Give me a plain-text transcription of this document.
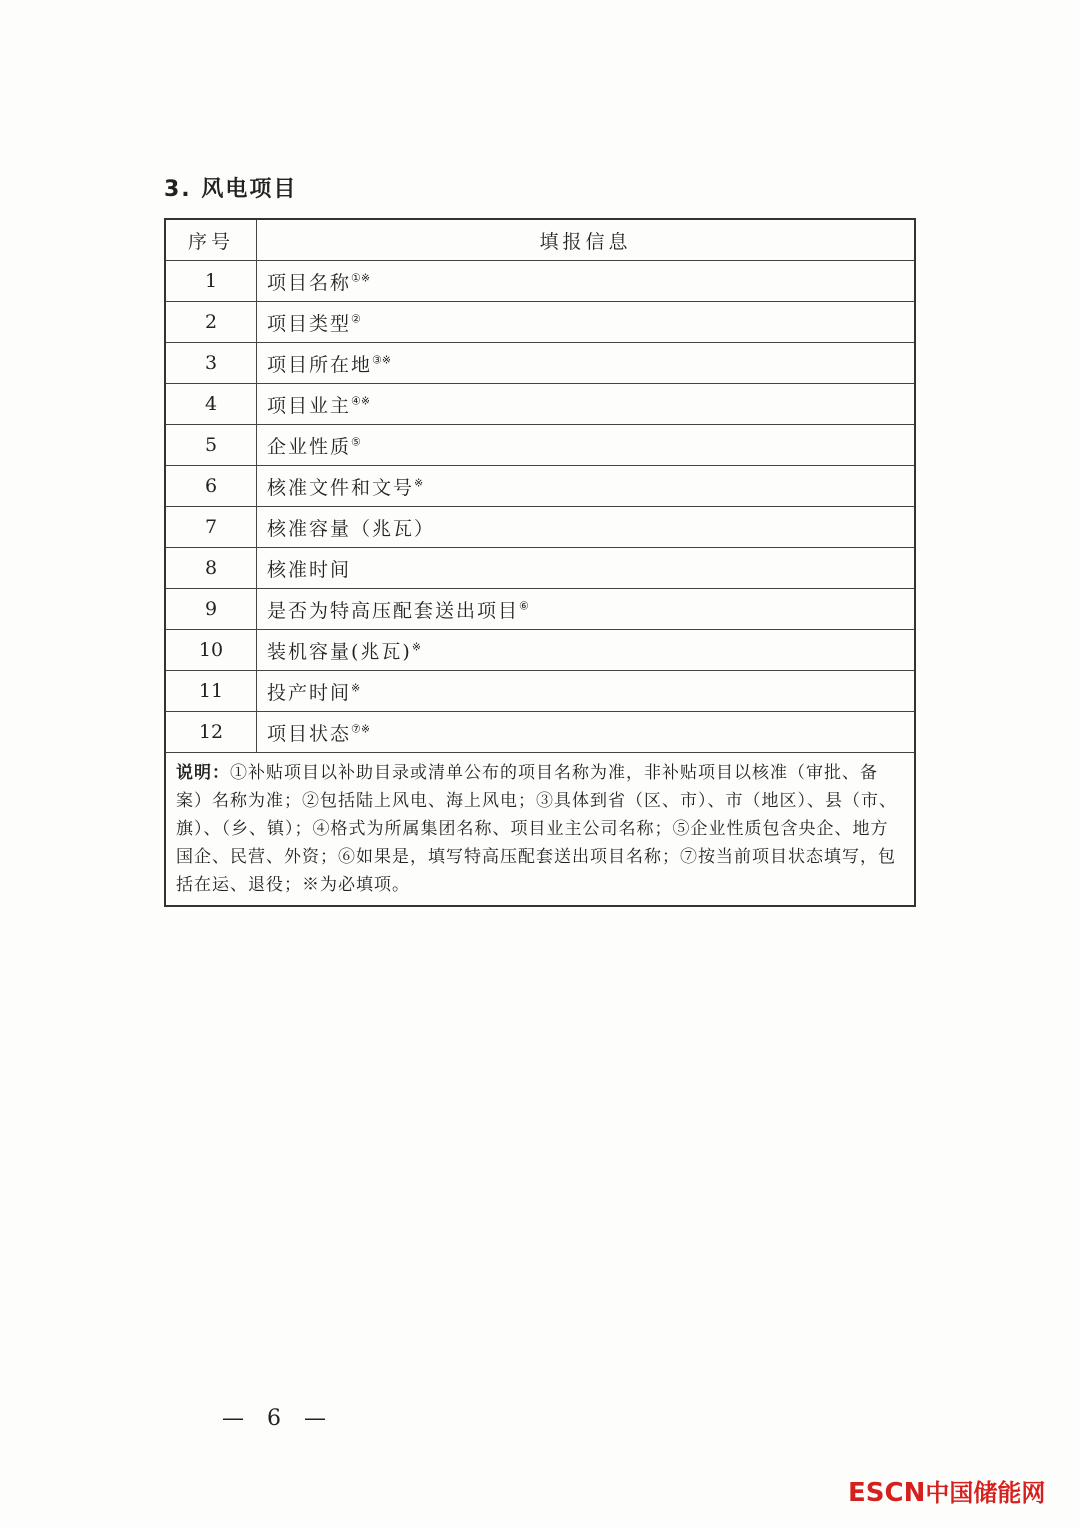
3. 风电项目
序号	填报信息
1	项目名称①※
2	项目类型②
3	项目所在地③※
4	项目业主④※
5	企业性质⑤
6	核准文件和文号※
7	核准容量（兆瓦）
8	核准时间
9	是否为特高压配套送出项目⑥
10	装机容量(兆瓦)※
11	投产时间※
12	项目状态⑦※
说明：①补贴项目以补助目录或清单公布的项目名称为准，非补贴项目以核准（审批、备案）名称为准；②包括陆上风电、海上风电；③具体到省（区、市）、市（地区）、县（市、旗）、（乡、镇）；④格式为所属集团名称、项目业主公司名称；⑤企业性质包含央企、地方国企、民营、外资；⑥如果是，填写特高压配套送出项目名称；⑦按当前项目状态填写，包括在运、退役；※为必填项。	
— 6 —
ESCN中国储能网
